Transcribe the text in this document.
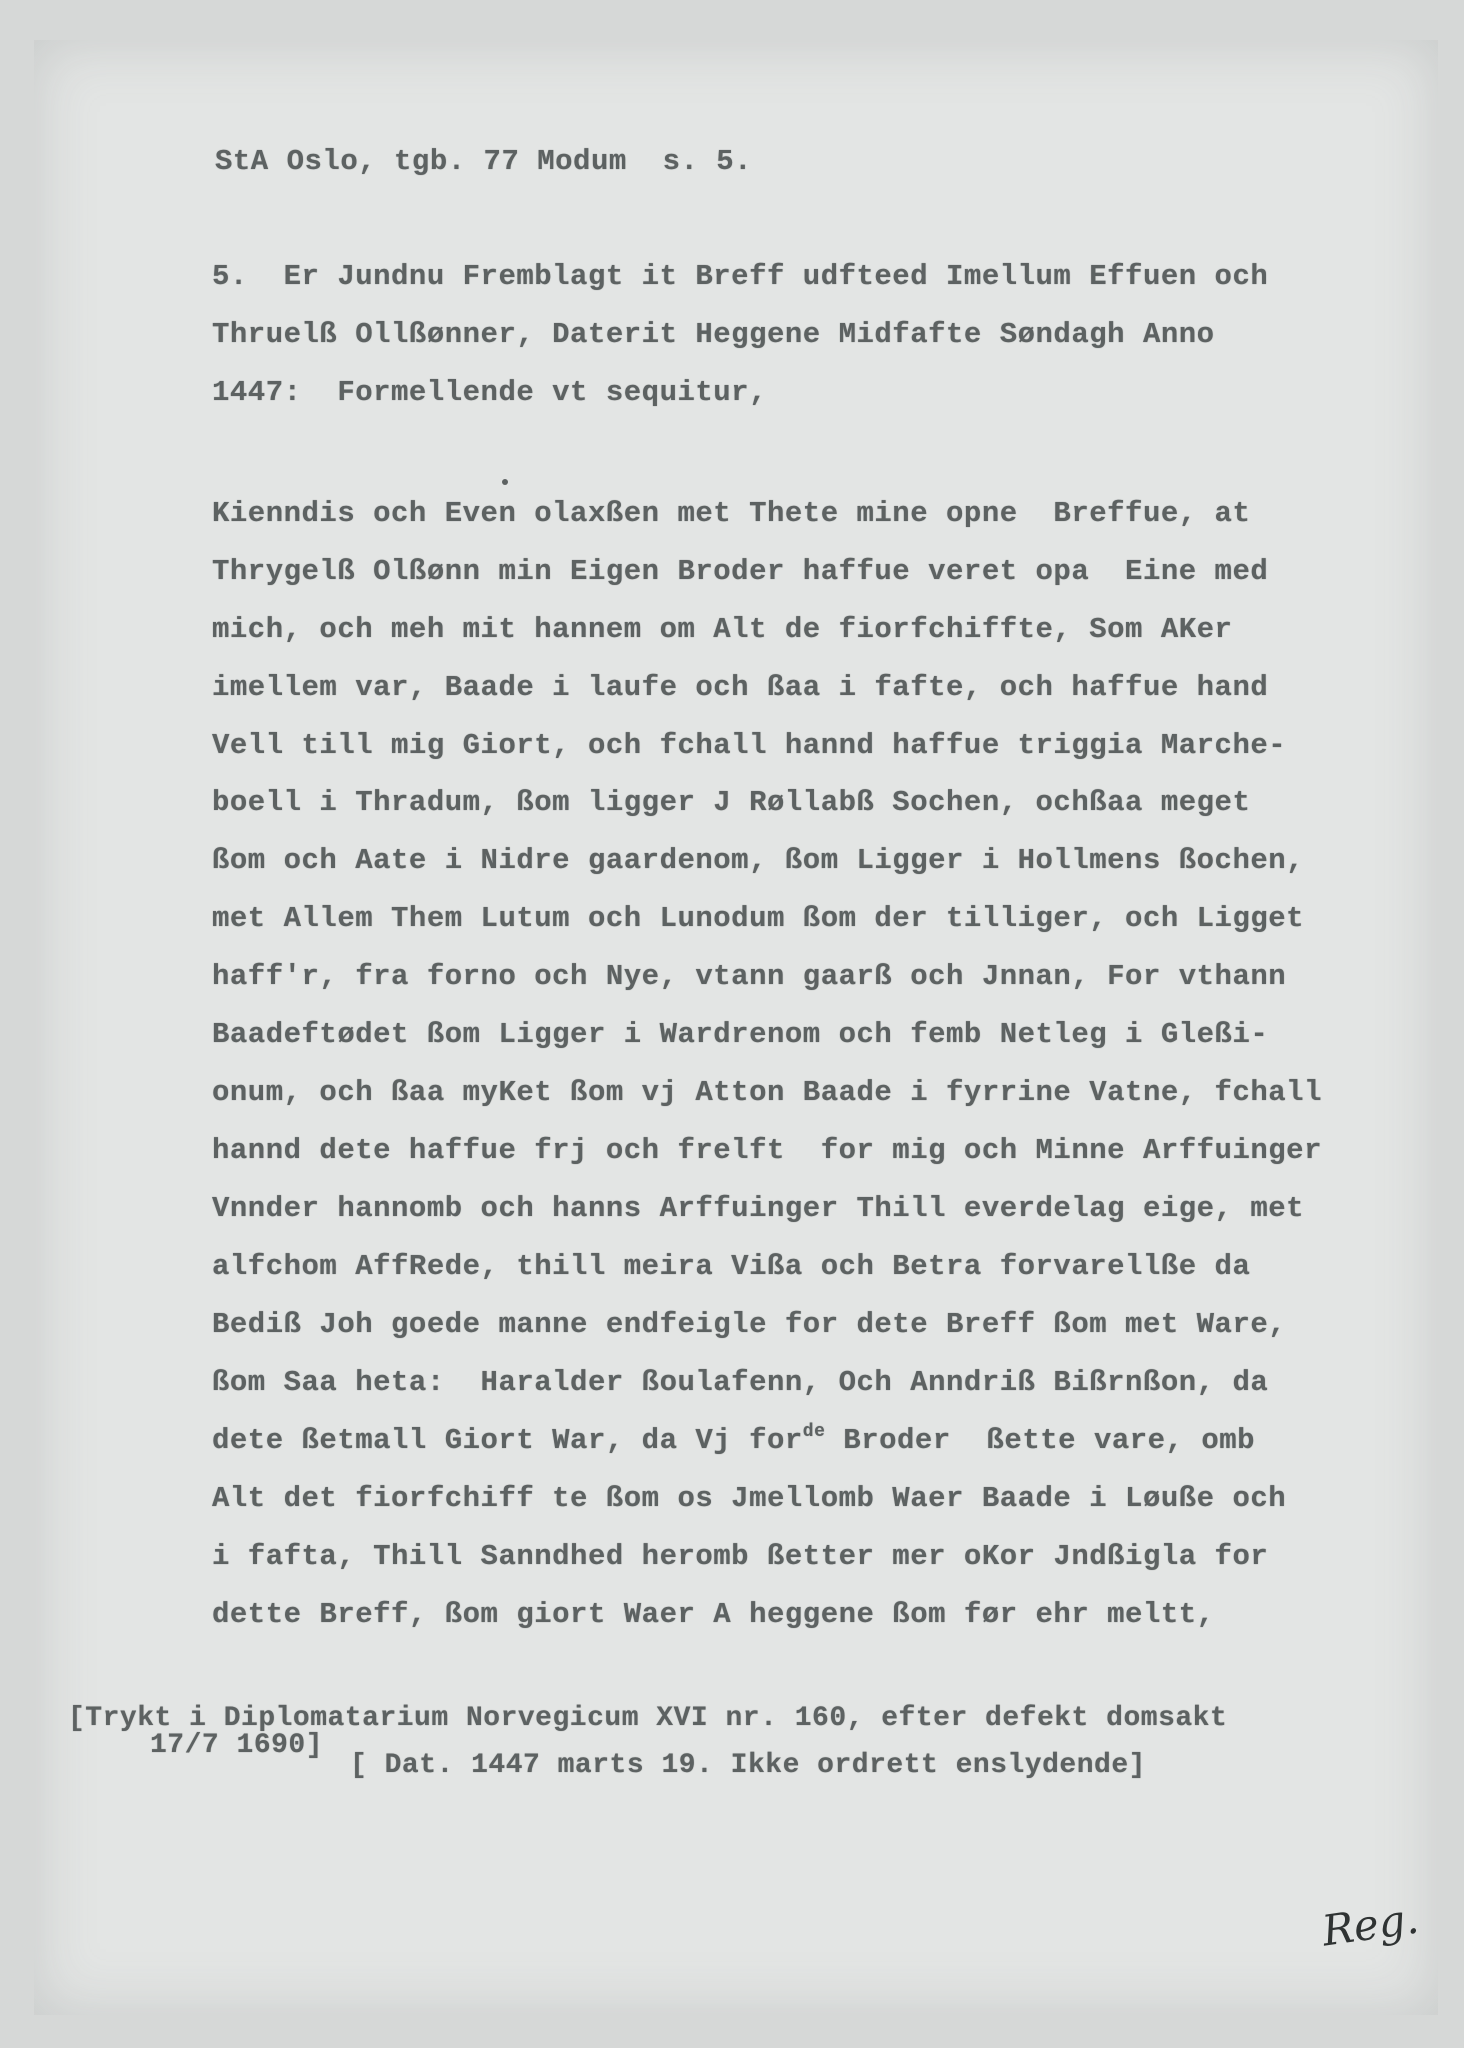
StA Oslo, tgb. 77 Modum  s. 5.
5.  Er Jundnu Fremblagt it Breff udfteed Imellum Effuen och
Thruelß Ollßønner, Daterit Heggene Midfafte Søndagh Anno
1447:  Formellende vt sequitur,
Kienndis och Even olaxßen met Thete mine opne  Breffue, at
Thrygelß Olßønn min Eigen Broder haffue veret opa  Eine med
mich, och meh mit hannem om Alt de fiorfchiffte, Som AKer
imellem var, Baade i laufe och ßaa i fafte, och haffue hand
Vell till mig Giort, och fchall hannd haffue triggia Marche-
boell i Thradum, ßom ligger J Røllabß Sochen, ochßaa meget
ßom och Aate i Nidre gaardenom, ßom Ligger i Hollmens ßochen,
met Allem Them Lutum och Lunodum ßom der tilliger, och Ligget
haff'r, fra forno och Nye, vtann gaarß och Jnnan, For vthann
Baadeftødet ßom Ligger i Wardrenom och femb Netleg i Gleßi-
onum, och ßaa myKet ßom vj Atton Baade i fyrrine Vatne, fchall
hannd dete haffue frj och frelft  for mig och Minne Arffuinger
Vnnder hannomb och hanns Arffuinger Thill everdelag eige, met
alfchom AffRede, thill meira Vißa och Betra forvarellße da
Bediß Joh goede manne endfeigle for dete Breff ßom met Ware,
ßom Saa heta:  Haralder ßoulafenn, Och Anndriß Bißrnßon, da
dete ßetmall Giort War, da Vj for$^{de}$ Broder  ßette vare, omb
Alt det fiorfchiff te ßom os Jmellomb Waer Baade i Løuße och
i fafta, Thill Sanndhed heromb ßetter mer oKor Jndßigla for
dette Breff, ßom giort Waer A heggene ßom før ehr meltt,
[Trykt i Diplomatarium Norvegicum XVI nr. 160, efter defekt domsakt
17/7 1690]
[ Dat. 1447 marts 19. Ikke ordrett enslydende]
Reg.
